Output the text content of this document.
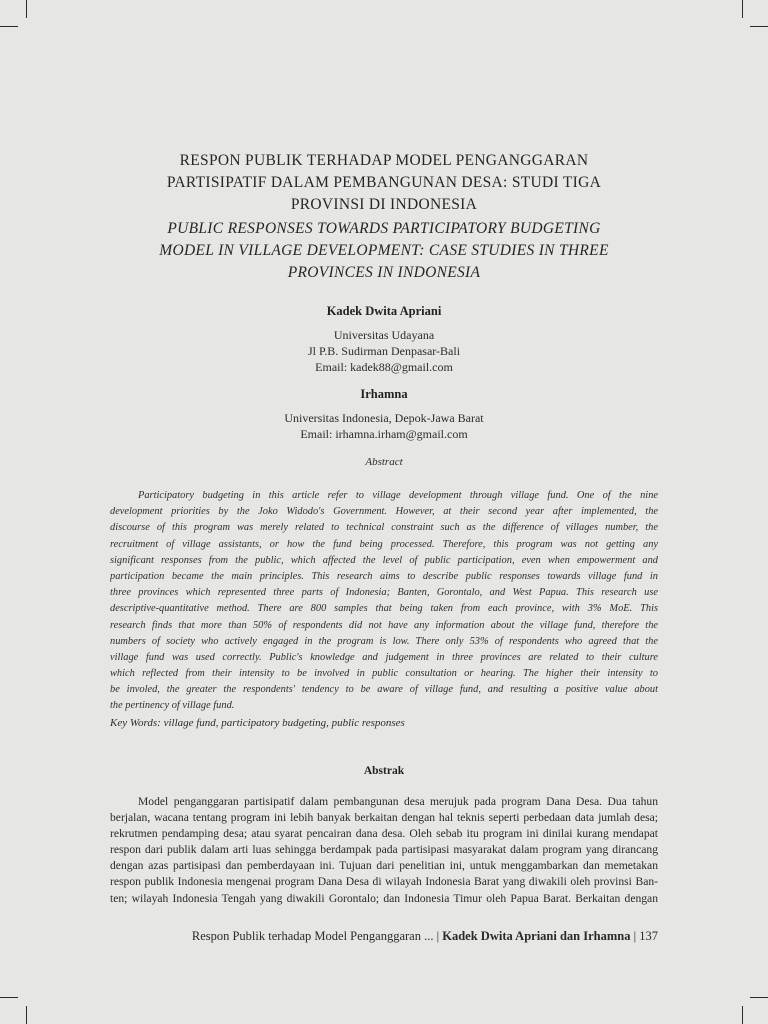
RESPON PUBLIK TERHADAP MODEL PENGANGGARAN
PARTISIPATIF DALAM PEMBANGUNAN DESA: STUDI TIGA
PROVINSI DI INDONESIA
PUBLIC RESPONSES TOWARDS PARTICIPATORY BUDGETING
MODEL IN VILLAGE DEVELOPMENT: CASE STUDIES IN THREE
PROVINCES IN INDONESIA
Kadek Dwita Apriani
Universitas Udayana
Jl P.B. Sudirman Denpasar-Bali
Email: kadek88@gmail.com
Irhamna
Universitas Indonesia, Depok-Jawa Barat
Email: irhamna.irham@gmail.com
Abstract
Participatory budgeting in this article refer to village development through village fund. One of the nine
development priorities by the Joko Widodo's Government. However, at their second year after implemented, the
discourse of this program was merely related to technical constraint such as the difference of villages number, the
recruitment of village assistants, or how the fund being processed. Therefore, this program was not getting any
significant responses from the public, which affected the level of public participation, even when empowerment and
participation became the main principles. This research aims to describe public responses towards village fund in
three provinces which represented three parts of Indonesia; Banten, Gorontalo, and West Papua. This research use
descriptive-quantitative method. There are 800 samples that being taken from each province, with 3% MoE. This
research finds that more than 50% of respondents did not have any information about the village fund, therefore the
numbers of society who actively engaged in the program is low. There only 53% of respondents who agreed that the
village fund was used correctly. Public's knowledge and judgement in three provinces are related to their culture
which reflected from their intensity to be involved in public consultation or hearing. The higher their intensity to
be involed, the greater the respondents' tendency to be aware of village fund, and resulting a positive value about
the pertinency of village fund.
Key Words: village fund, participatory budgeting, public responses
Abstrak
Model penganggaran partisipatif dalam pembangunan desa merujuk pada program Dana Desa. Dua tahun
berjalan, wacana tentang program ini lebih banyak berkaitan dengan hal teknis seperti perbedaan data jumlah desa;
rekrutmen pendamping desa; atau syarat pencairan dana desa. Oleh sebab itu program ini dinilai kurang mendapat
respon dari publik dalam arti luas sehingga berdampak pada partisipasi masyarakat dalam program yang dirancang
dengan azas partisipasi dan pemberdayaan ini. Tujuan dari penelitian ini, untuk menggambarkan dan memetakan
respon publik Indonesia mengenai program Dana Desa di wilayah Indonesia Barat yang diwakili oleh provinsi Ban-
ten; wilayah Indonesia Tengah yang diwakili Gorontalo; dan Indonesia Timur oleh Papua Barat. Berkaitan dengan
Respon Publik terhadap Model Penganggaran ... | Kadek Dwita Apriani dan Irhamna | 137
